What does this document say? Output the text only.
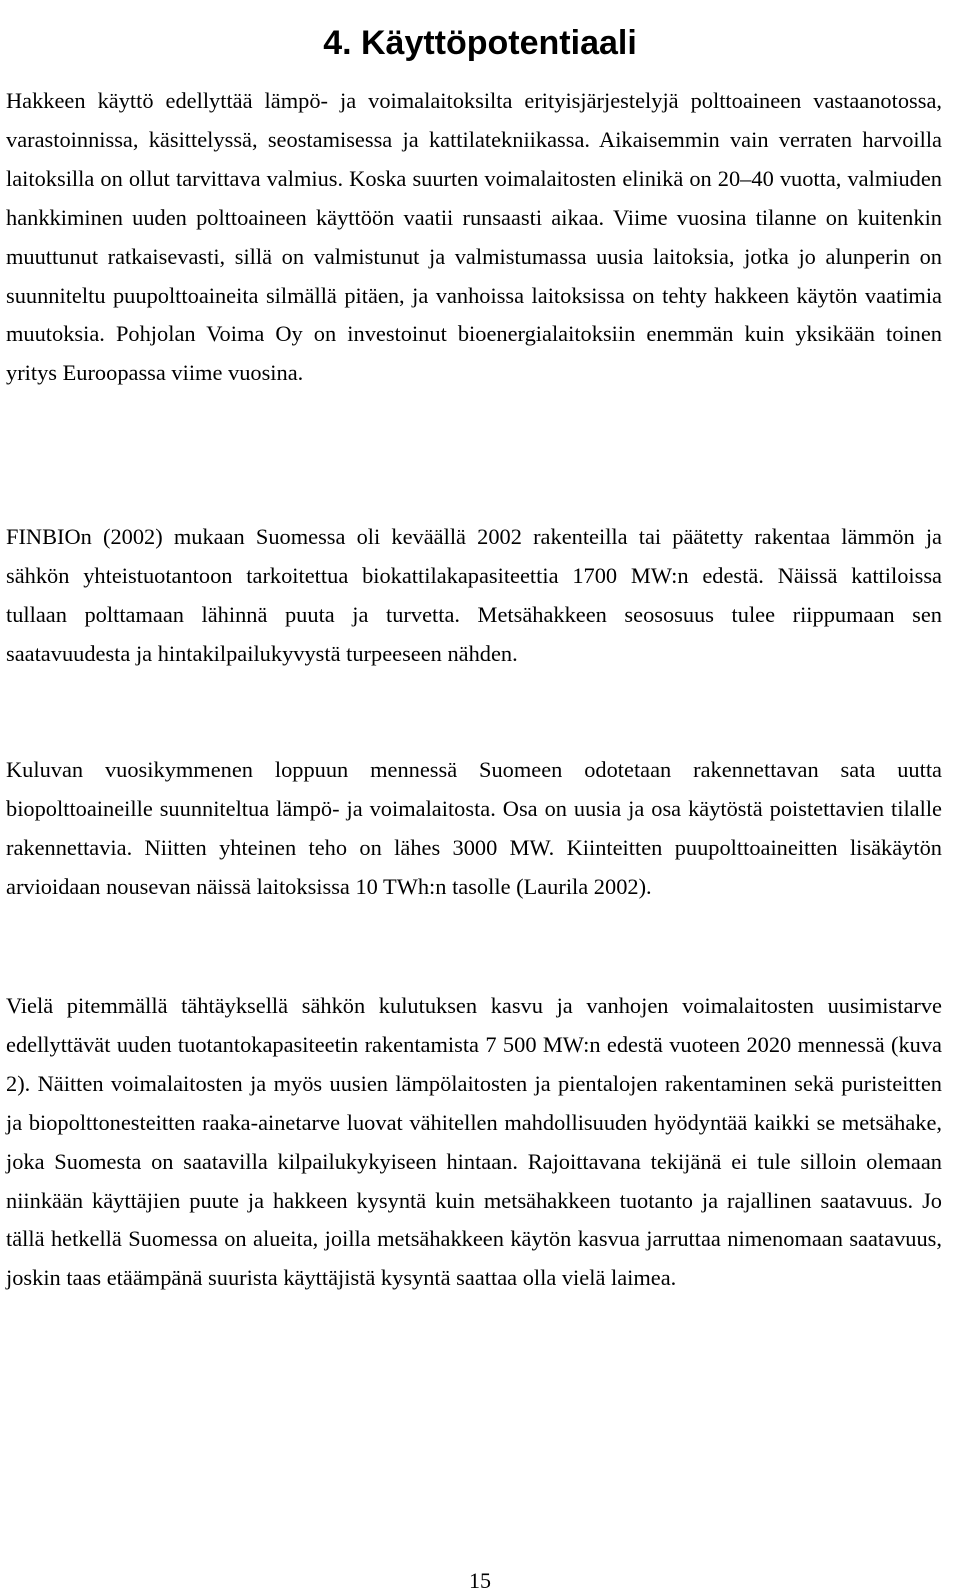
4. Käyttöpotentiaali

Hakkeen käyttö edellyttää lämpö- ja voimalaitoksilta erityisjärjestelyjä polttoaineen vastaanotossa, varastoinnissa, käsittelyssä, seostamisessa ja kattilatekniikassa. Aikaisemmin vain verraten harvoilla laitoksilla on ollut tarvittava valmius. Koska suurten voimalaitosten elinikä on 20–40 vuotta, valmiuden hankkiminen uuden polttoaineen käyttöön vaatii runsaasti aikaa. Viime vuosina tilanne on kuitenkin muuttunut ratkaisevasti, sillä on valmistunut ja valmistumassa uusia laitoksia, jotka jo alunperin on suunniteltu puupolttoaineita silmällä pitäen, ja vanhoissa laitoksissa on tehty hakkeen käytön vaatimia muutoksia. Pohjolan Voima Oy on investoinut bioenergialaitoksiin enemmän kuin yksikään toinen yritys Euroopassa viime vuosina.

FINBIOn (2002) mukaan Suomessa oli keväällä 2002 rakenteilla tai päätetty rakentaa lämmön ja sähkön yhteistuotantoon tarkoitettua biokattilakapasiteettia 1700 MW:n edestä. Näissä kattiloissa tullaan polttamaan lähinnä puuta ja turvetta. Metsähakkeen seososuus tulee riippumaan sen saatavuudesta ja hintakilpailukyvystä turpeeseen nähden.

Kuluvan vuosikymmenen loppuun mennessä Suomeen odotetaan rakennettavan sata uutta biopolttoaineille suunniteltua lämpö- ja voimalaitosta. Osa on uusia ja osa käytöstä poistettavien tilalle rakennettavia. Niitten yhteinen teho on lähes 3000 MW. Kiinteitten puupolttoaineitten lisäkäytön arvioidaan nousevan näissä laitoksissa 10 TWh:n tasolle (Laurila 2002).

Vielä pitemmällä tähtäyksellä sähkön kulutuksen kasvu ja vanhojen voimalaitosten uusimistarve edellyttävät uuden tuotantokapasiteetin rakentamista 7 500 MW:n edestä vuoteen 2020 mennessä (kuva 2). Näitten voimalaitosten ja myös uusien lämpölaitosten ja pientalojen rakentaminen sekä puristeitten ja biopolttonesteitten raaka-ainetarve luovat vähitellen mahdollisuuden hyödyntää kaikki se metsähake, joka Suomesta on saatavilla kilpailukykyiseen hintaan. Rajoittavana tekijänä ei tule silloin olemaan niinkään käyttäjien puute ja hakkeen kysyntä kuin metsähakkeen tuotanto ja rajallinen saatavuus. Jo tällä hetkellä Suomessa on alueita, joilla metsähakkeen käytön kasvua jarruttaa nimenomaan saatavuus, joskin taas etäämpänä suurista käyttäjistä kysyntä saattaa olla vielä laimea.

15
